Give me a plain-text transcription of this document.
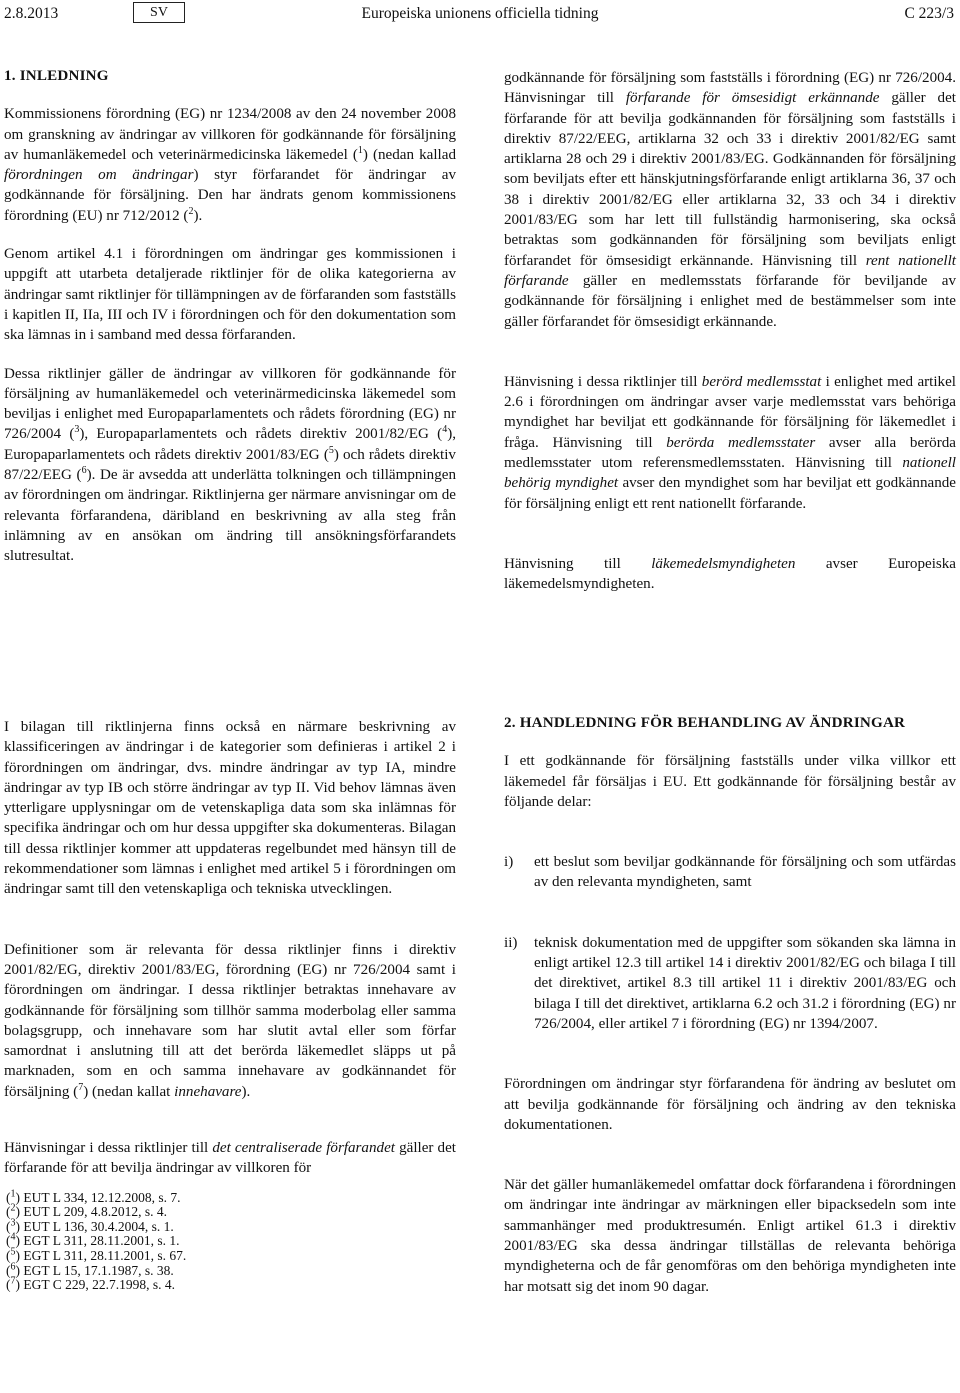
2.8.2013	SV	Europeiska unionens officiella tidning	C 223/3

1. INLEDNING

Kommissionens förordning (EG) nr 1234/2008 av den 24 november 2008 om granskning av ändringar av villkoren för godkännande för försäljning av humanläkemedel och veterinärmedicinska läkemedel ($^1$) (nedan kallad förordningen om ändringar) styr förfarandet för ändringar av godkännande för försäljning. Den har ändrats genom kommissionens förordning (EU) nr 712/2012 ($^2$).

Genom artikel 4.1 i förordningen om ändringar ges kommissionen i uppgift att utarbeta detaljerade riktlinjer för de olika kategorierna av ändringar samt riktlinjer för tillämpningen av de förfaranden som fastställs i kapitlen II, IIa, III och IV i förordningen och för den dokumentation som ska lämnas in i samband med dessa förfaranden.

Dessa riktlinjer gäller de ändringar av villkoren för godkännande för försäljning av humanläkemedel och veterinärmedicinska läkemedel som beviljas i enlighet med Europaparlamentets och rådets förordning (EG) nr 726/2004 ($^3$), Europaparlamentets och rådets direktiv 2001/82/EG ($^4$), Europaparlamentets och rådets direktiv 2001/83/EG ($^5$) och rådets direktiv 87/22/EEG ($^6$). De är avsedda att underlätta tolkningen och tillämpningen av förordningen om ändringar. Riktlinjerna ger närmare anvisningar om de relevanta förfarandena, däribland en beskrivning av alla steg från inlämning av en ansökan om ändring till ansökningsförfarandets slutresultat.

godkännande för försäljning som fastställs i förordning (EG) nr 726/2004. Hänvisningar till förfarande för ömsesidigt erkännande gäller det förfarande för att bevilja godkännanden för försäljning som fastställs i direktiv 87/22/EEG, artiklarna 32 och 33 i direktiv 2001/82/EG samt artiklarna 28 och 29 i direktiv 2001/83/EG. Godkännanden för försäljning som beviljats efter ett hänskjutningsförfarande enligt artiklarna 36, 37 och 38 i direktiv 2001/82/EG eller artiklarna 32, 33 och 34 i direktiv 2001/83/EG som har lett till fullständig harmonisering, ska också betraktas som godkännanden för försäljning som beviljats enligt förfarandet för ömsesidigt erkännande. Hänvisning till rent nationellt förfarande gäller en medlemsstats förfarande för beviljande av godkännande för försäljning i enlighet med de bestämmelser som inte gäller förfarandet för ömsesidigt erkännande.

Hänvisning i dessa riktlinjer till berörd medlemsstat i enlighet med artikel 2.6 i förordningen om ändringar avser varje medlemsstat vars behöriga myndighet har beviljat ett godkännande för försäljning för läkemedlet i fråga. Hänvisning till berörda medlemsstater avser alla berörda medlemsstater utom referensmedlemsstaten. Hänvisning till nationell behörig myndighet avser den myndighet som har beviljat ett godkännande för försäljning enligt ett rent nationellt förfarande.

Hänvisning till läkemedelsmyndigheten avser Europeiska läkemedelsmyndigheten.

I bilagan till riktlinjerna finns också en närmare beskrivning av klassificeringen av ändringar i de kategorier som definieras i artikel 2 i förordningen om ändringar, dvs. mindre ändringar av typ IA, mindre ändringar av typ IB och större ändringar av typ II. Vid behov lämnas även ytterligare upplysningar om de vetenskapliga data som ska inlämnas för specifika ändringar och om hur dessa uppgifter ska dokumenteras. Bilagan till dessa riktlinjer kommer att uppdateras regelbundet med hänsyn till de rekommendationer som lämnas i enlighet med artikel 5 i förordningen om ändringar samt till den vetenskapliga och tekniska utvecklingen.

Definitioner som är relevanta för dessa riktlinjer finns i direktiv 2001/82/EG, direktiv 2001/83/EG, förordning (EG) nr 726/2004 samt i förordningen om ändringar. I dessa riktlinjer betraktas innehavare av godkännande för försäljning som tillhör samma moderbolag eller samma bolagsgrupp, och innehavare som har slutit avtal eller som förfar samordnat i anslutning till att det berörda läkemedlet släpps ut på marknaden, som en och samma innehavare av godkännandet för försäljning ($^7$) (nedan kallat innehavare).

Hänvisningar i dessa riktlinjer till det centraliserade förfarandet gäller det förfarande för att bevilja ändringar av villkoren för

($^1$) EUT L 334, 12.12.2008, s. 7.
($^2$) EUT L 209, 4.8.2012, s. 4.
($^3$) EUT L 136, 30.4.2004, s. 1.
($^4$) EGT L 311, 28.11.2001, s. 1.
($^5$) EGT L 311, 28.11.2001, s. 67.
($^6$) EGT L 15, 17.1.1987, s. 38.
($^7$) EGT C 229, 22.7.1998, s. 4.

2. HANDLEDNING FÖR BEHANDLING AV ÄNDRINGAR

I ett godkännande för försäljning fastställs under vilka villkor ett läkemedel får försäljas i EU. Ett godkännande för försäljning består av följande delar:

i)	ett beslut som beviljar godkännande för försäljning och som utfärdas av den relevanta myndigheten, samt
ii)	teknisk dokumentation med de uppgifter som sökanden ska lämna in enligt artikel 12.3 till artikel 14 i direktiv 2001/82/EG och bilaga I till det direktivet, artikel 8.3 till artikel 11 i direktiv 2001/83/EG och bilaga I till det direktivet, artiklarna 6.2 och 31.2 i förordning (EG) nr 726/2004, eller artikel 7 i förordning (EG) nr 1394/2007.

Förordningen om ändringar styr förfarandena för ändring av beslutet om att bevilja godkännande för försäljning och ändring av den tekniska dokumentationen.

När det gäller humanläkemedel omfattar dock förfarandena i förordningen om ändringar inte ändringar av märkningen eller bipacksedeln som inte sammanhänger med produktresumén. Enligt artikel 61.3 i direktiv 2001/83/EG ska dessa ändringar tillställas de relevanta behöriga myndigheterna och de får genomföras om den behöriga myndigheten inte har motsatt sig det inom 90 dagar.
